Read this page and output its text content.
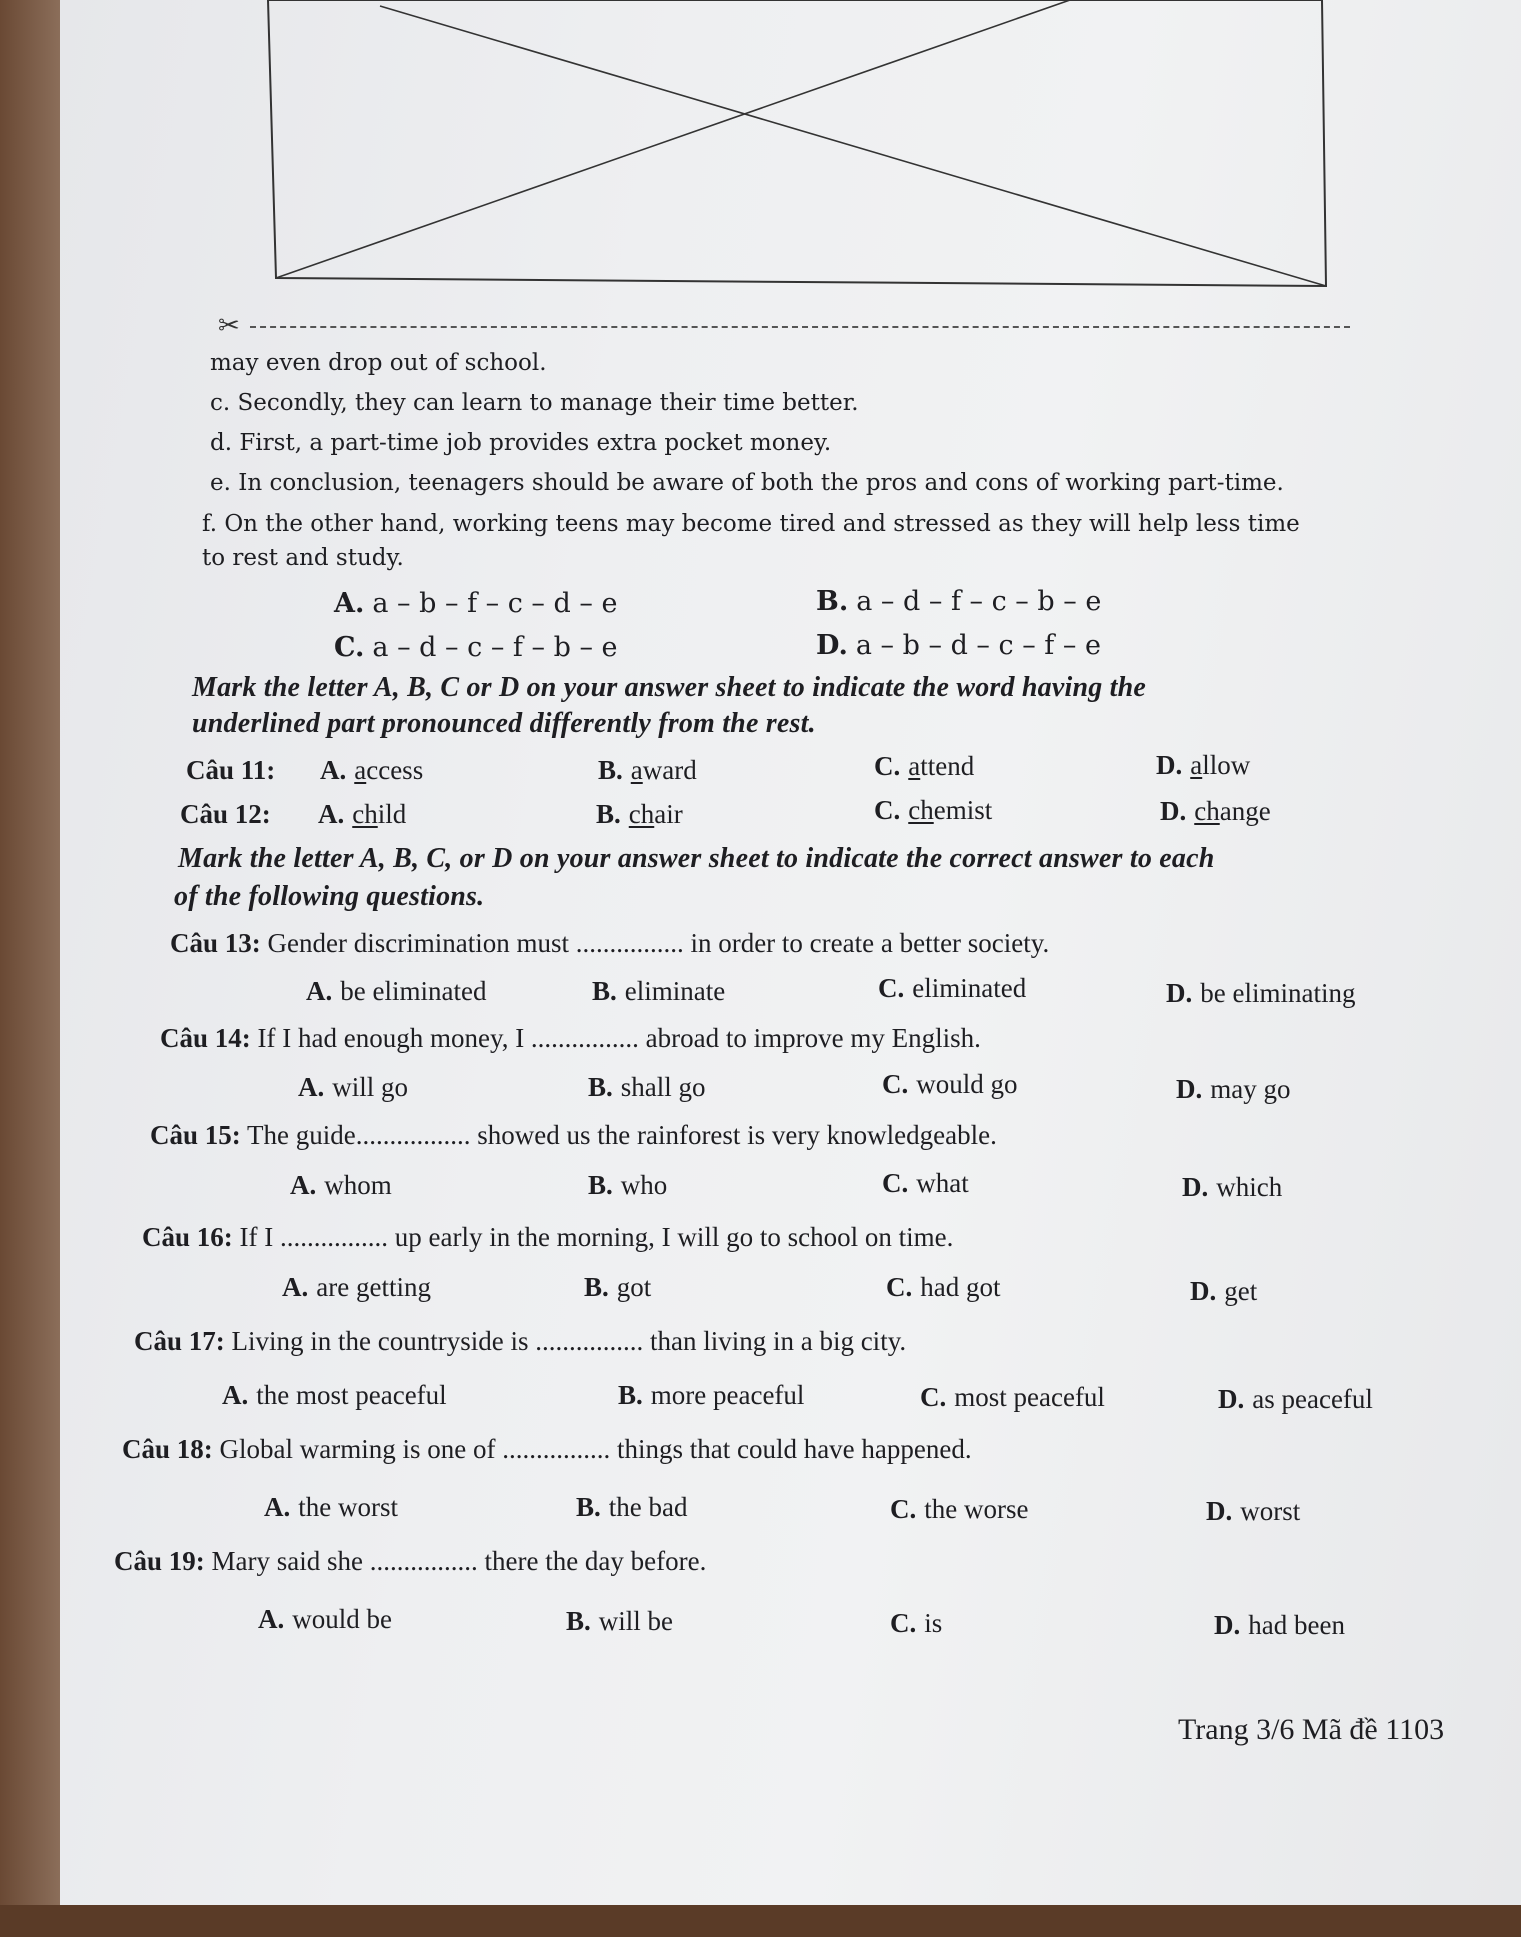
✂
may even drop out of school.
c. Secondly, they can learn to manage their time better.
d. First, a part-time job provides extra pocket money.
e. In conclusion, teenagers should be aware of both the pros and cons of working part-time.
f. On the other hand, working teens may become tired and stressed as they will help less time
to rest and study.
A. a – b – f – c – d – e	B. a – d – f – c – b – e
C. a – d – c – f – b – e	D. a – b – d – c – f – e
Mark the letter A, B, C or D on your answer sheet to indicate the word having the
underlined part pronounced differently from the rest.
Câu 11: A. access	B. award	C. attend	D. allow
Câu 12: A. child	B. chair	C. chemist	D. change
Mark the letter A, B, C, or D on your answer sheet to indicate the correct answer to each
of the following questions.
Câu 13: Gender discrimination must ................ in order to create a better society.
A. be eliminated	B. eliminate	C. eliminated	D. be eliminating
Câu 14: If I had enough money, I ................ abroad to improve my English.
A. will go	B. shall go	C. would go	D. may go
Câu 15: The guide................. showed us the rainforest is very knowledgeable.
A. whom	B. who	C. what	D. which
Câu 16: If I ................ up early in the morning, I will go to school on time.
A. are getting	B. got	C. had got	D. get
Câu 17: Living in the countryside is ................ than living in a big city.
A. the most peaceful	B. more peaceful	C. most peaceful	D. as peaceful
Câu 18: Global warming is one of ................ things that could have happened.
A. the worst	B. the bad	C. the worse	D. worst
Câu 19: Mary said she ................ there the day before.
A. would be	B. will be	C. is	D. had been
Trang 3/6 Mã đề 1103
